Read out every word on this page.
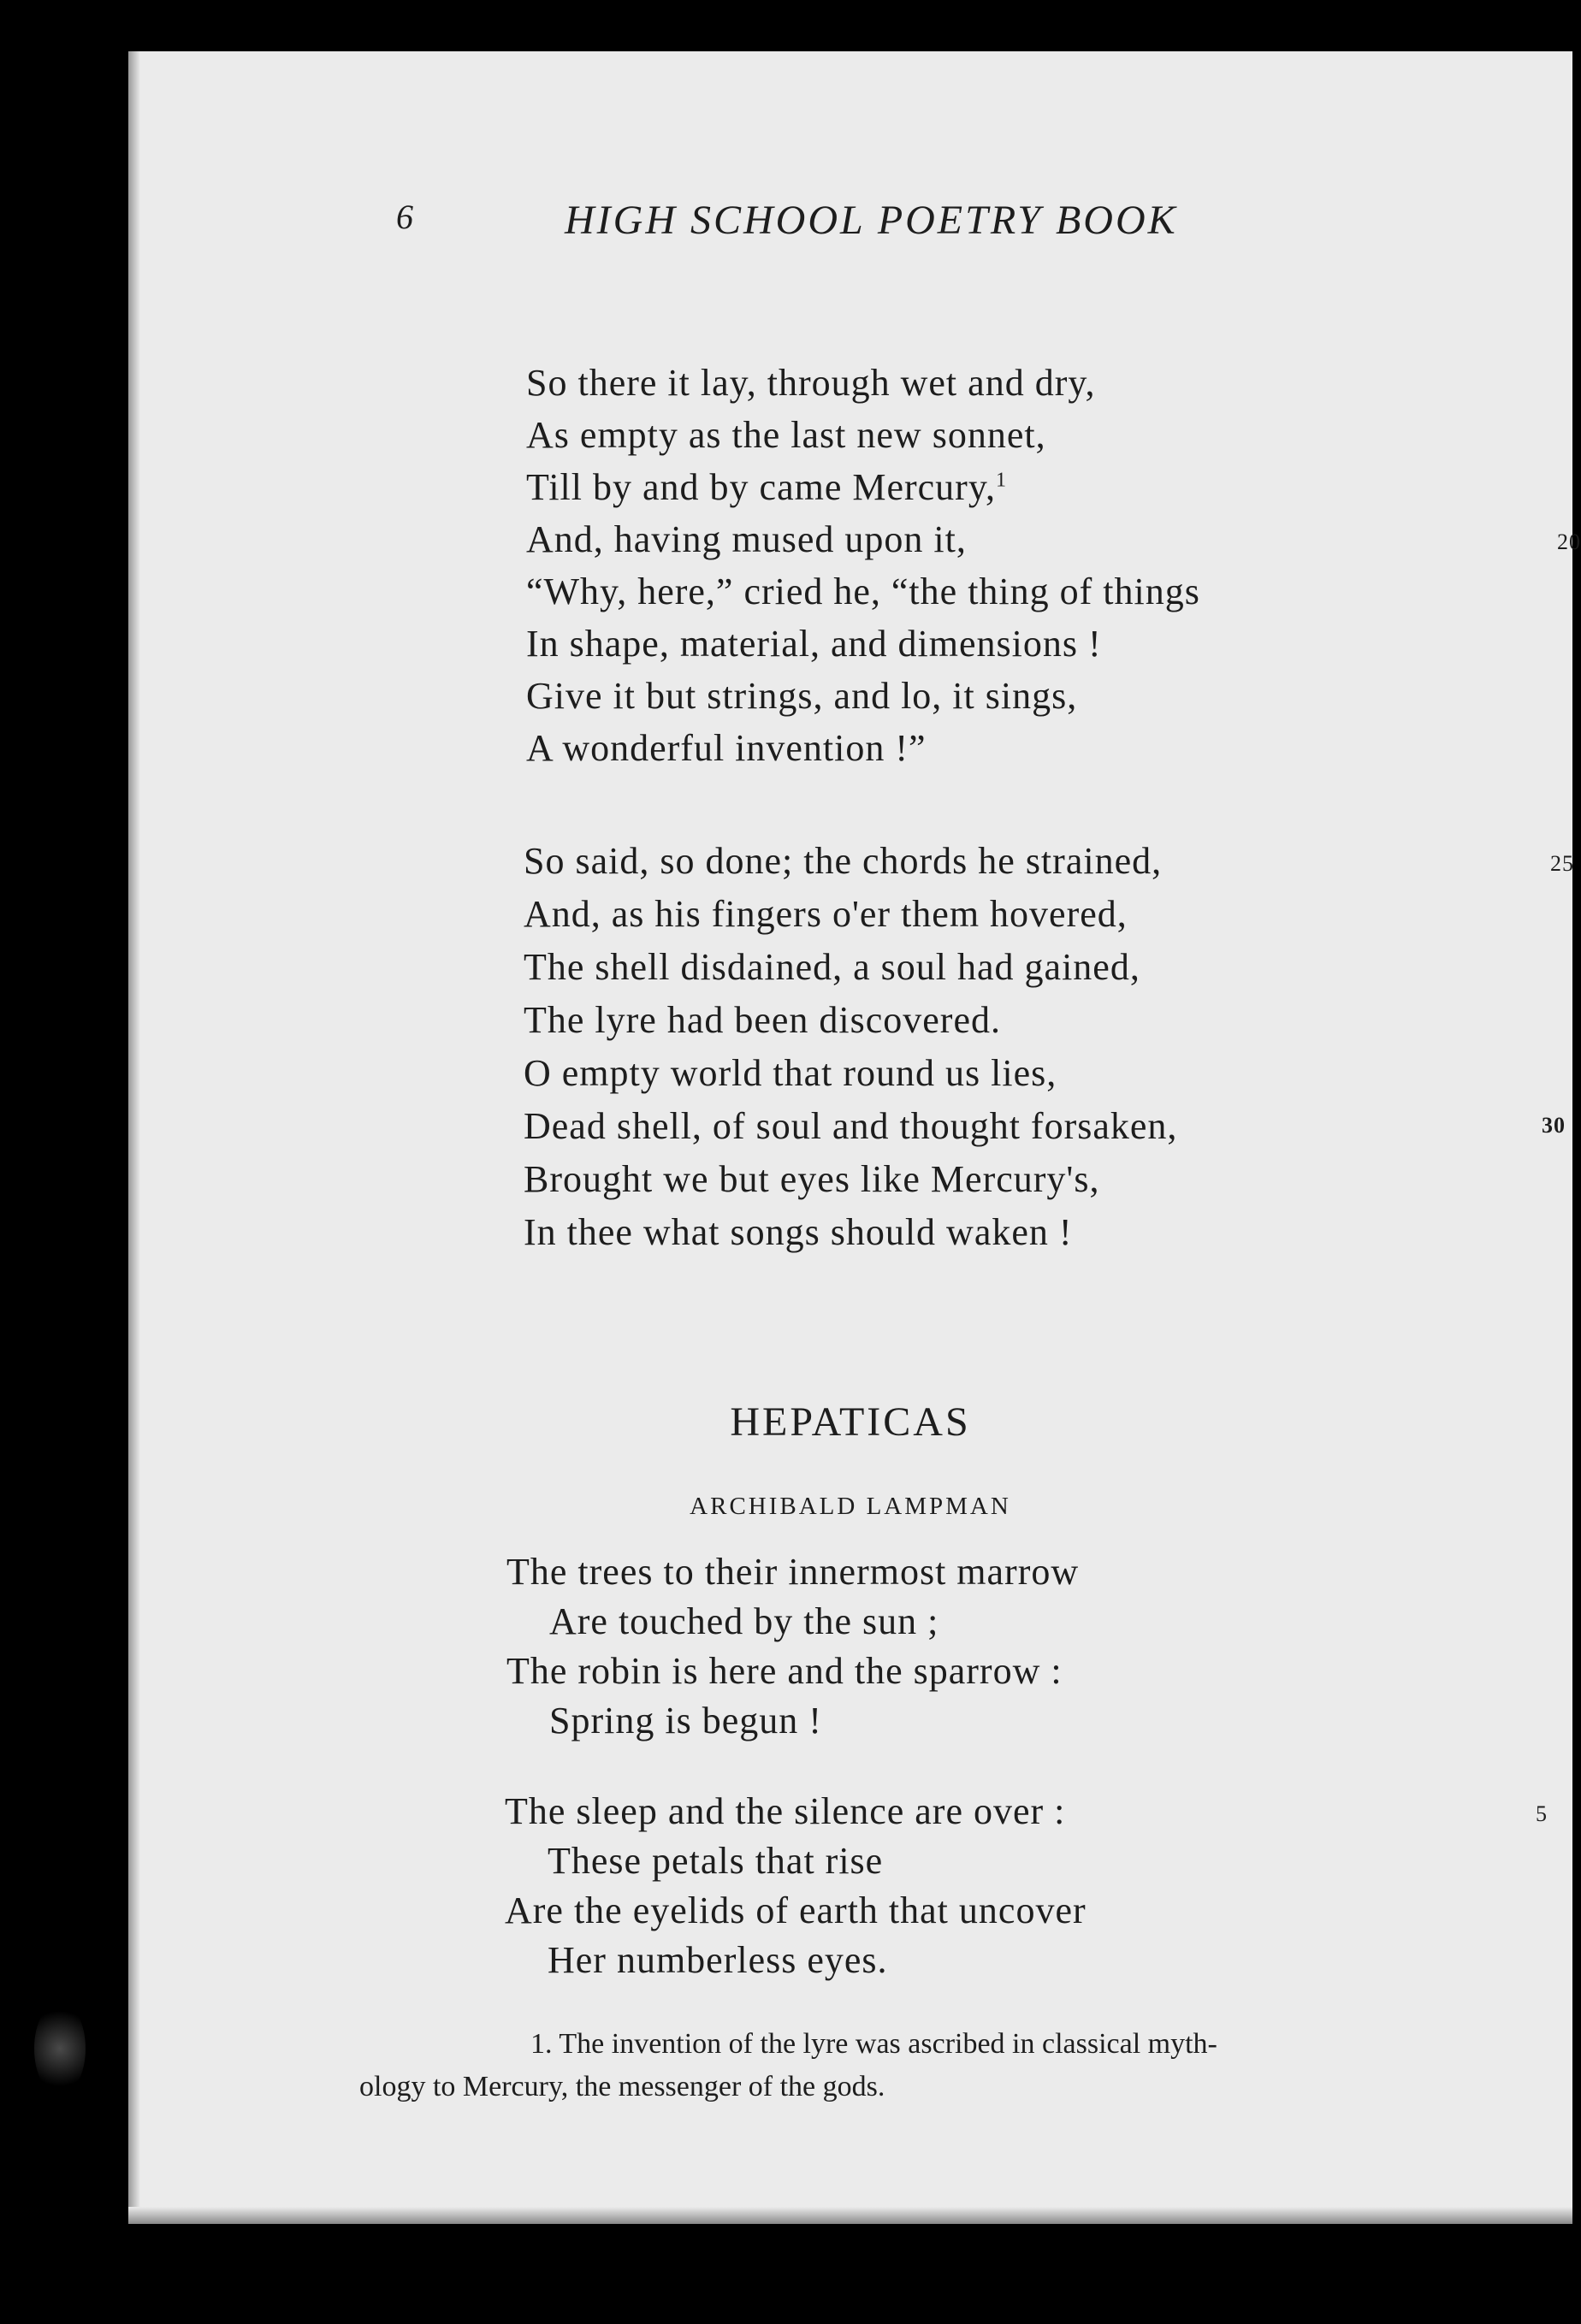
6	HIGH SCHOOL POETRY BOOK
So there it lay, through wet and dry,
As empty as the last new sonnet,
Till by and by came Mercury,$^1$
And, having mused upon it,	20
“Why, here,” cried he, “the thing of things
In shape, material, and dimensions !
Give it but strings, and lo, it sings,
A wonderful invention !”
So said, so done; the chords he strained,	25
And, as his fingers o'er them hovered,
The shell disdained, a soul had gained,
The lyre had been discovered.
O empty world that round us lies,
Dead shell, of soul and thought forsaken,	30
Brought we but eyes like Mercury's,
In thee what songs should waken !
HEPATICAS
ARCHIBALD LAMPMAN
The trees to their innermost marrow
Are touched by the sun ;
The robin is here and the sparrow :
Spring is begun !
The sleep and the silence are over :	5
These petals that rise
Are the eyelids of earth that uncover
Her numberless eyes.

1. The invention of the lyre was ascribed in classical myth-

ology to Mercury, the messenger of the gods.
